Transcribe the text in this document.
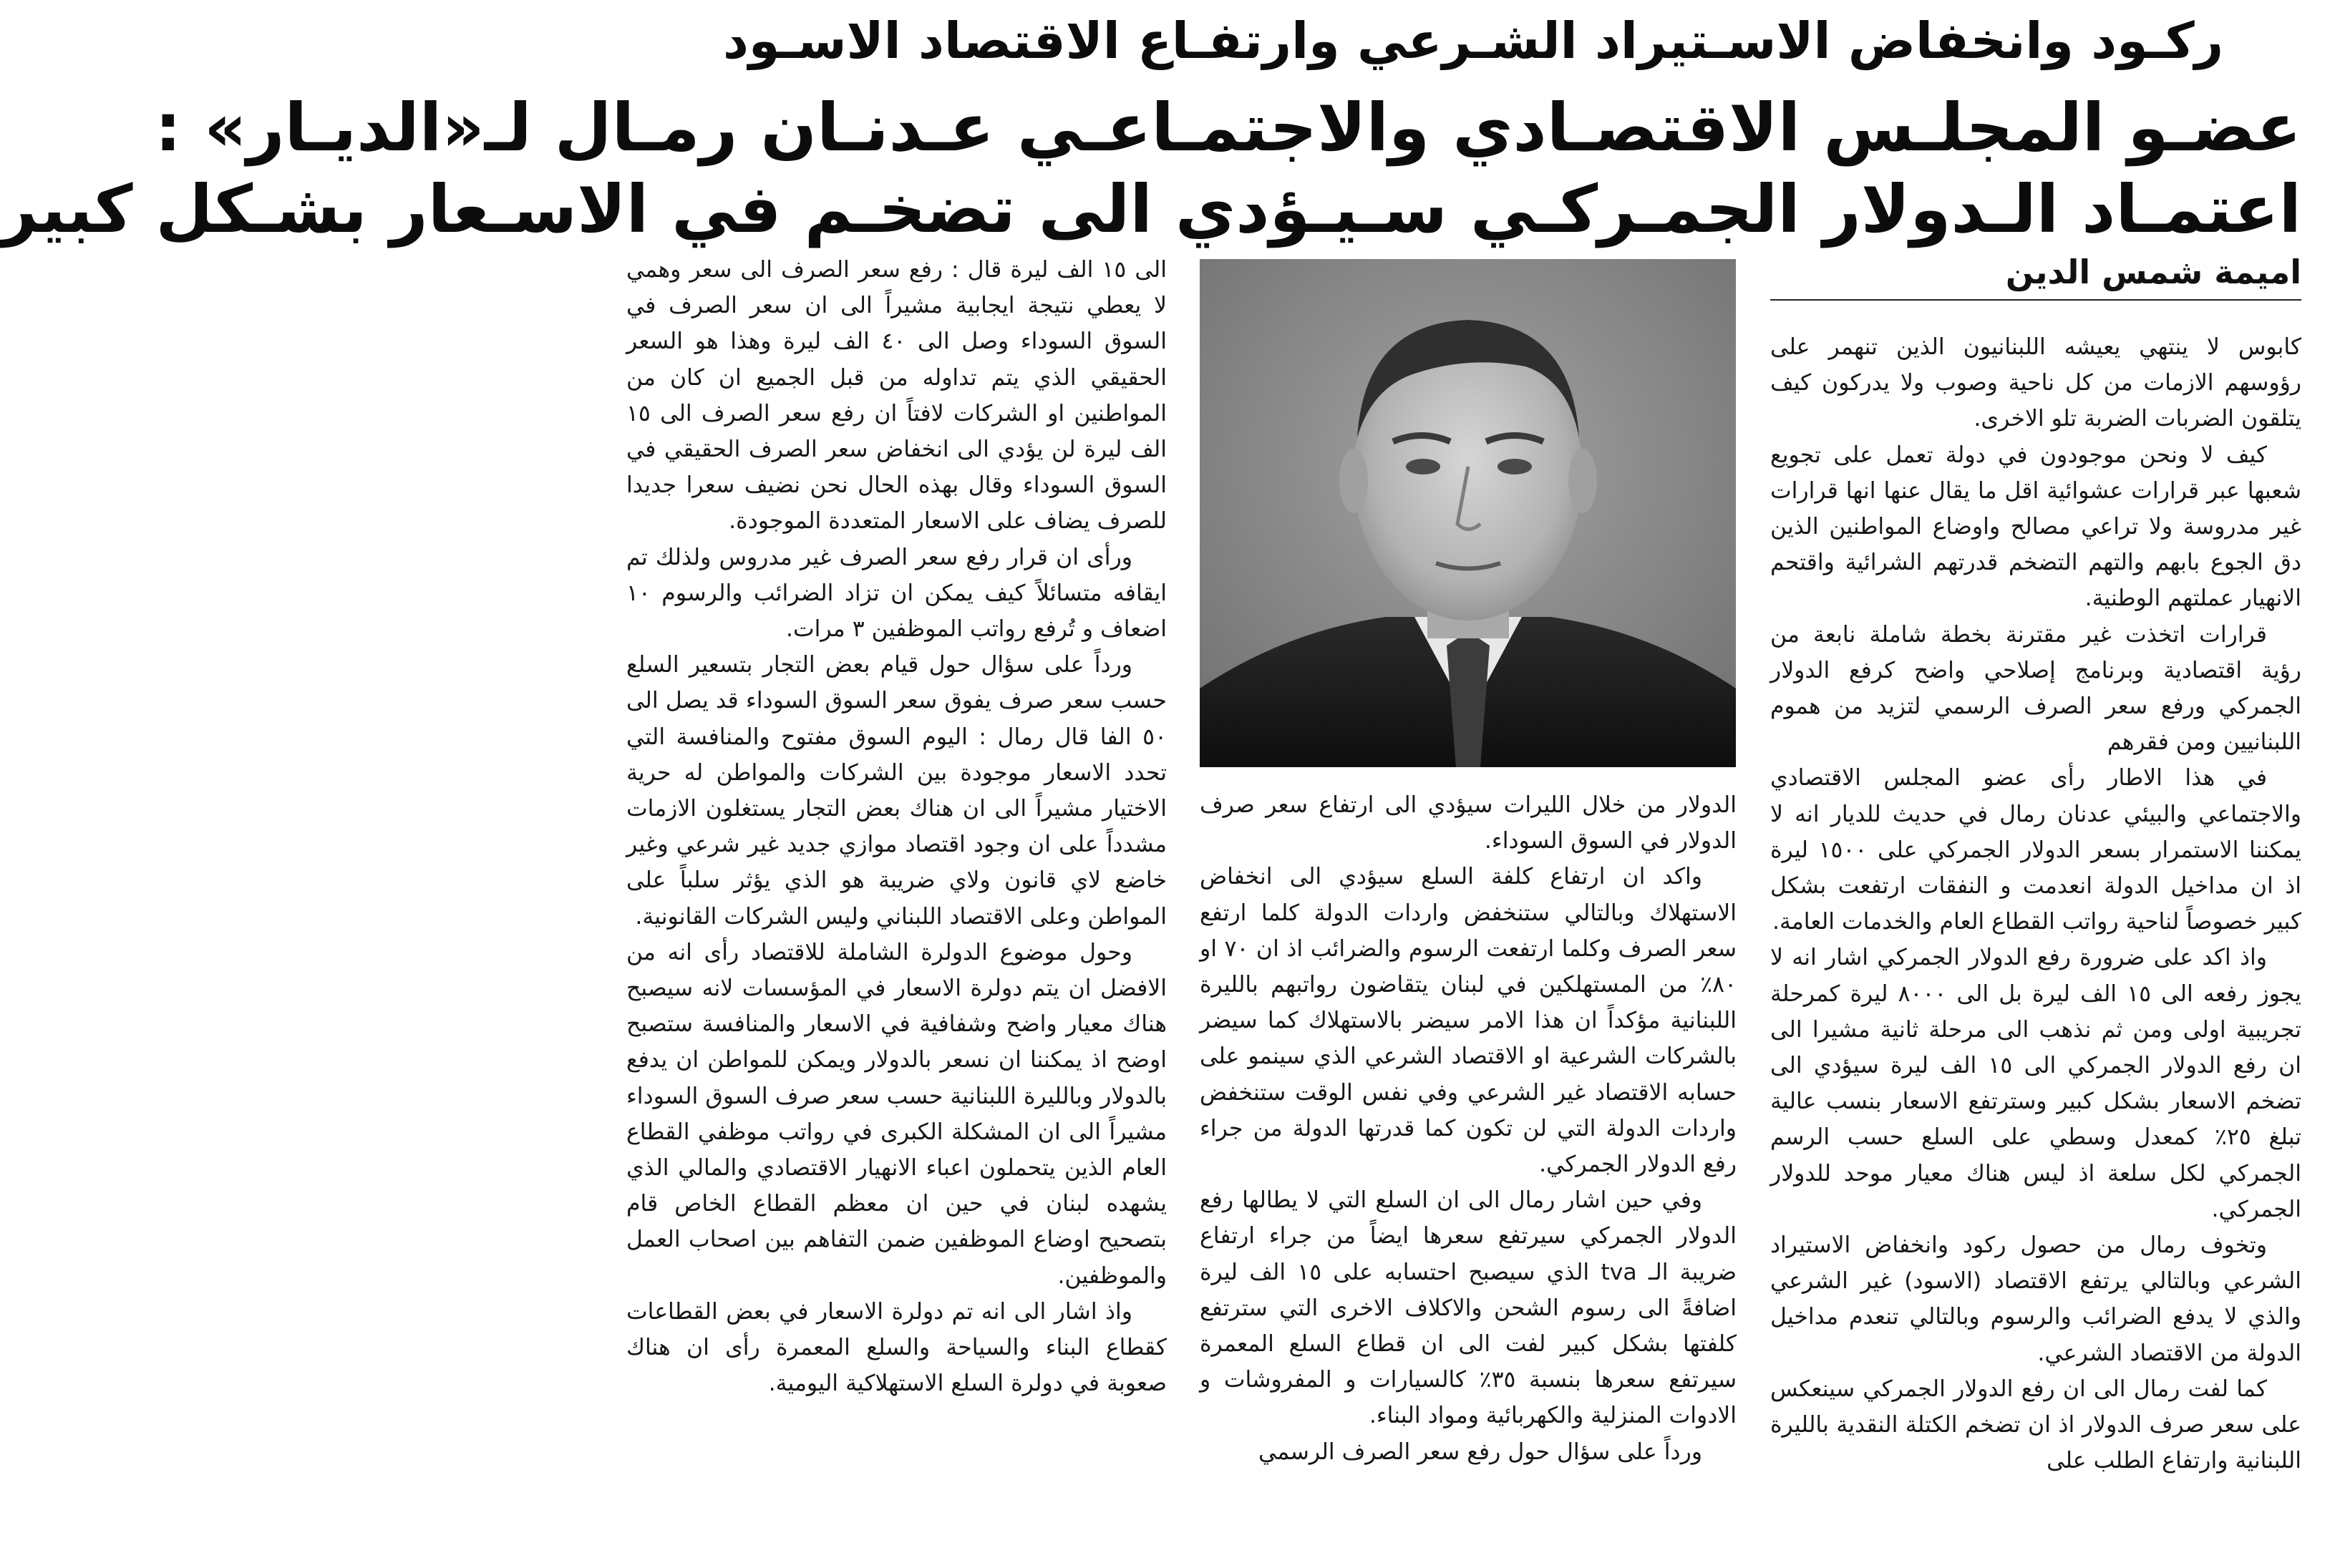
ركـود وانخفاض الاسـتيراد الشـرعي وارتفـاع الاقتصاد الاسـود
عضـو المجلـس الاقتصـادي والاجتمـاعـي عـدنـان رمـال لـ«الديـار» :
اعتمـاد الـدولار الجمـركـي سـيـؤدي الى تضخـم في الاسـعار بشـكل كبير
اميمة شمس الدين

كابوس لا ينتهي يعيشه اللبنانيون الذين تنهمر على رؤوسهم الازمات من كل ناحية وصوب ولا يدركون كيف يتلقون الضربات الضربة تلو الاخرى.

كيف لا ونحن موجودون في دولة تعمل على تجويع شعبها عبر قرارات عشوائية اقل ما يقال عنها انها قرارات غير مدروسة ولا تراعي مصالح واوضاع المواطنين الذين دق الجوع بابهم والتهم التضخم قدرتهم الشرائية واقتحم الانهيار عملتهم الوطنية.

قرارات اتخذت غير مقترنة بخطة شاملة نابعة من رؤية اقتصادية وبرنامج إصلاحي واضح كرفع الدولار الجمركي ورفع سعر الصرف الرسمي لتزيد من هموم اللبنانيين ومن فقرهم

في هذا الاطار رأى عضو المجلس الاقتصادي والاجتماعي والبيئي عدنان رمال في حديث للديار انه لا يمكننا الاستمرار بسعر الدولار الجمركي على ١٥٠٠ ليرة اذ ان مداخيل الدولة انعدمت و النفقات ارتفعت بشكل كبير خصوصاً لناحية رواتب القطاع العام والخدمات العامة.

واذ اكد على ضرورة رفع الدولار الجمركي اشار انه لا يجوز رفعه الى ١٥ الف ليرة بل الى ٨٠٠٠ ليرة كمرحلة تجريبية اولى ومن ثم نذهب الى مرحلة ثانية مشيرا الى ان رفع الدولار الجمركي الى ١٥ الف ليرة سيؤدي الى تضخم الاسعار بشكل كبير وسترتفع الاسعار بنسب عالية تبلغ ٢٥٪ كمعدل وسطي على السلع حسب الرسم الجمركي لكل سلعة اذ ليس هناك معيار موحد للدولار الجمركي.

وتخوف رمال من حصول ركود وانخفاض الاستيراد الشرعي وبالتالي يرتفع الاقتصاد (الاسود) غير الشرعي والذي لا يدفع الضرائب والرسوم وبالتالي تنعدم مداخيل الدولة من الاقتصاد الشرعي.

كما لفت رمال الى ان رفع الدولار الجمركي سينعكس على سعر صرف الدولار اذ ان تضخم الكتلة النقدية بالليرة اللبنانية وارتفاع الطلب على

الدولار من خلال الليرات سيؤدي الى ارتفاع سعر صرف الدولار في السوق السوداء.

واكد ان ارتفاع كلفة السلع سيؤدي الى انخفاض الاستهلاك وبالتالي ستنخفض واردات الدولة كلما ارتفع سعر الصرف وكلما ارتفعت الرسوم والضرائب اذ ان ٧٠ او ٨٠٪ من المستهلكين في لبنان يتقاضون رواتبهم بالليرة اللبنانية مؤكداً ان هذا الامر سيضر بالاستهلاك كما سيضر بالشركات الشرعية او الاقتصاد الشرعي الذي سينمو على حسابه الاقتصاد غير الشرعي وفي نفس الوقت ستنخفض واردات الدولة التي لن تكون كما قدرتها الدولة من جراء رفع الدولار الجمركي.

وفي حين اشار رمال الى ان السلع التي لا يطالها رفع الدولار الجمركي سيرتفع سعرها ايضاً من جراء ارتفاع ضريبة الـ tva الذي سيصبح احتسابه على ١٥ الف ليرة اضافةً الى رسوم الشحن والاكلاف الاخرى التي سترتفع كلفتها بشكل كبير لفت الى ان قطاع السلع المعمرة سيرتفع سعرها بنسبة ٣٥٪ كالسيارات و المفروشات و الادوات المنزلية والكهربائية ومواد البناء.

ورداً على سؤال حول رفع سعر الصرف الرسمي

الى ١٥ الف ليرة قال : رفع سعر الصرف الى سعر وهمي لا يعطي نتيجة ايجابية مشيراً الى ان سعر الصرف في السوق السوداء وصل الى ٤٠ الف ليرة وهذا هو السعر الحقيقي الذي يتم تداوله من قبل الجميع ان كان من المواطنين او الشركات لافتاً ان رفع سعر الصرف الى ١٥ الف ليرة لن يؤدي الى انخفاض سعر الصرف الحقيقي في السوق السوداء وقال بهذه الحال نحن نضيف سعرا جديدا للصرف يضاف على الاسعار المتعددة الموجودة.

ورأى ان قرار رفع سعر الصرف غير مدروس ولذلك تم ايقافه متسائلاً كيف يمكن ان تزاد الضرائب والرسوم ١٠ اضعاف و تُرفع رواتب الموظفين ٣ مرات.

ورداً على سؤال حول قيام بعض التجار بتسعير السلع حسب سعر صرف يفوق سعر السوق السوداء قد يصل الى ٥٠ الفا قال رمال : اليوم السوق مفتوح والمنافسة التي تحدد الاسعار موجودة بين الشركات والمواطن له حرية الاختيار مشيراً الى ان هناك بعض التجار يستغلون الازمات مشدداً على ان وجود اقتصاد موازي جديد غير شرعي وغير خاضع لاي قانون ولاي ضريبة هو الذي يؤثر سلباً على المواطن وعلى الاقتصاد اللبناني وليس الشركات القانونية.

وحول موضوع الدولرة الشاملة للاقتصاد رأى انه من الافضل ان يتم دولرة الاسعار في المؤسسات لانه سيصبح هناك معيار واضح وشفافية في الاسعار والمنافسة ستصبح اوضح اذ يمكننا ان نسعر بالدولار ويمكن للمواطن ان يدفع بالدولار وبالليرة اللبنانية حسب سعر صرف السوق السوداء مشيراً الى ان المشكلة الكبرى في رواتب موظفي القطاع العام الذين يتحملون اعباء الانهيار الاقتصادي والمالي الذي يشهده لبنان في حين ان معظم القطاع الخاص قام بتصحيح اوضاع الموظفين ضمن التفاهم بين اصحاب العمل والموظفين.

واذ اشار الى انه تم دولرة الاسعار في بعض القطاعات كقطاع البناء والسياحة والسلع المعمرة رأى ان هناك صعوبة في دولرة السلع الاستهلاكية اليومية.
